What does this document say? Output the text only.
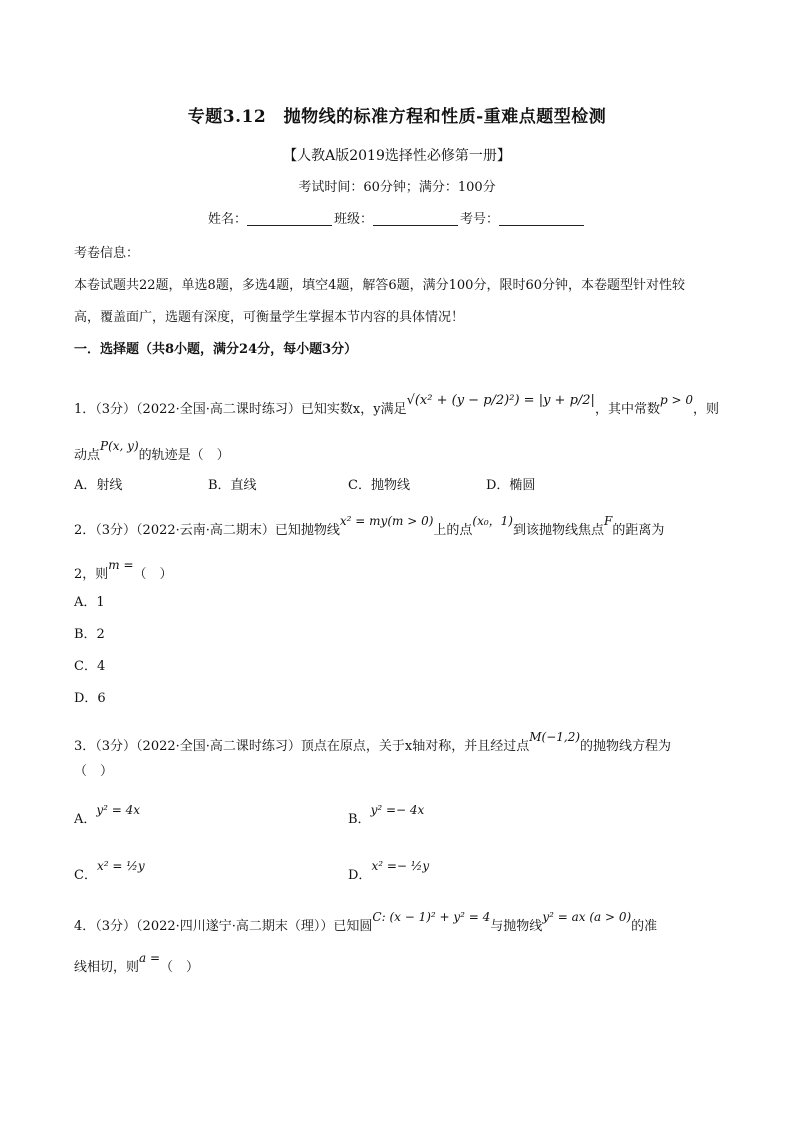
专题3.12　抛物线的标准方程和性质-重难点题型检测
【人教A版2019选择性必修第一册】
考试时间：60分钟；满分：100分
姓名：	班级：	考号：
考卷信息：
本卷试题共22题，单选8题，多选4题，填空4题，解答6题，满分100分，限时60分钟，本卷题型针对性较
高，覆盖面广，选题有深度，可衡量学生掌握本节内容的具体情况！
一．选择题（共8小题，满分24分，每小题3分）
1．（3分）（2022·全国·高二课时练习）已知实数x，y满足√(x² + (y − p/2)²) = |y + p/2|，其中常数p > 0，则
动点P(x, y)的轨迹是（　）
A．射线	B．直线	C．抛物线	D．椭圆
2．（3分）（2022·云南·高二期末）已知抛物线x² = my(m > 0)上的点(x₀，1)到该抛物线焦点F的距离为
2，则m =（　）
A．1
B．2
C．4
D．6
3．（3分）（2022·全国·高二课时练习）顶点在原点，关于x轴对称，并且经过点M(−1,2)的抛物线方程为
（　）
A．y² = 4x
B．y² =− 4x
C．x² = ½y
D．x² =− ½y
4．（3分）（2022·四川遂宁·高二期末（理））已知圆C: (x − 1)² + y² = 4与抛物线y² = ax (a > 0)的准
线相切，则a =（　）
